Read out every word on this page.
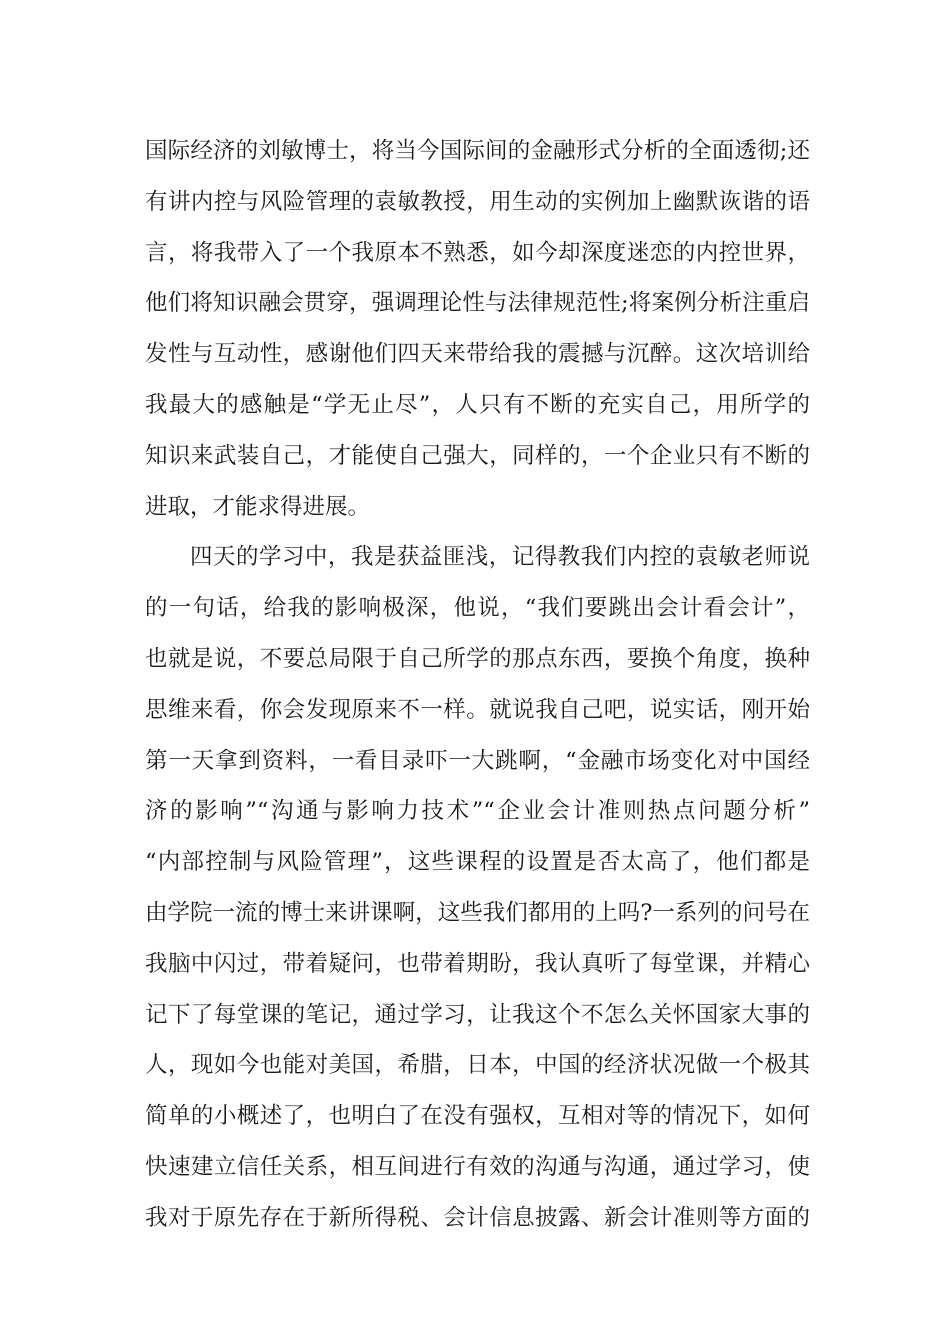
国际经济的刘敏博士，将当今国际间的金融形式分析的全面透彻;还
有讲内控与风险管理的袁敏教授，用生动的实例加上幽默诙谐的语
言，将我带入了一个我原本不熟悉，如今却深度迷恋的内控世界，
他们将知识融会贯穿，强调理论性与法律规范性;将案例分析注重启
发性与互动性，感谢他们四天来带给我的震撼与沉醉。这次培训给
我最大的感触是“学无止尽”，人只有不断的充实自己，用所学的
知识来武装自己，才能使自己强大，同样的，一个企业只有不断的
进取，才能求得进展。
四天的学习中，我是获益匪浅，记得教我们内控的袁敏老师说
的一句话，给我的影响极深，他说，“我们要跳出会计看会计”，
也就是说，不要总局限于自己所学的那点东西，要换个角度，换种
思维来看，你会发现原来不一样。就说我自己吧，说实话，刚开始
第一天拿到资料，一看目录吓一大跳啊，“金融市场变化对中国经
济的影响”“沟通与影响力技术”“企业会计准则热点问题分析”
“内部控制与风险管理”，这些课程的设置是否太高了，他们都是
由学院一流的博士来讲课啊，这些我们都用的上吗?一系列的问号在
我脑中闪过，带着疑问，也带着期盼，我认真听了每堂课，并精心
记下了每堂课的笔记，通过学习，让我这个不怎么关怀国家大事的
人，现如今也能对美国，希腊，日本，中国的经济状况做一个极其
简单的小概述了，也明白了在没有强权，互相对等的情况下，如何
快速建立信任关系，相互间进行有效的沟通与沟通，通过学习，使
我对于原先存在于新所得税、会计信息披露、新会计准则等方面的
